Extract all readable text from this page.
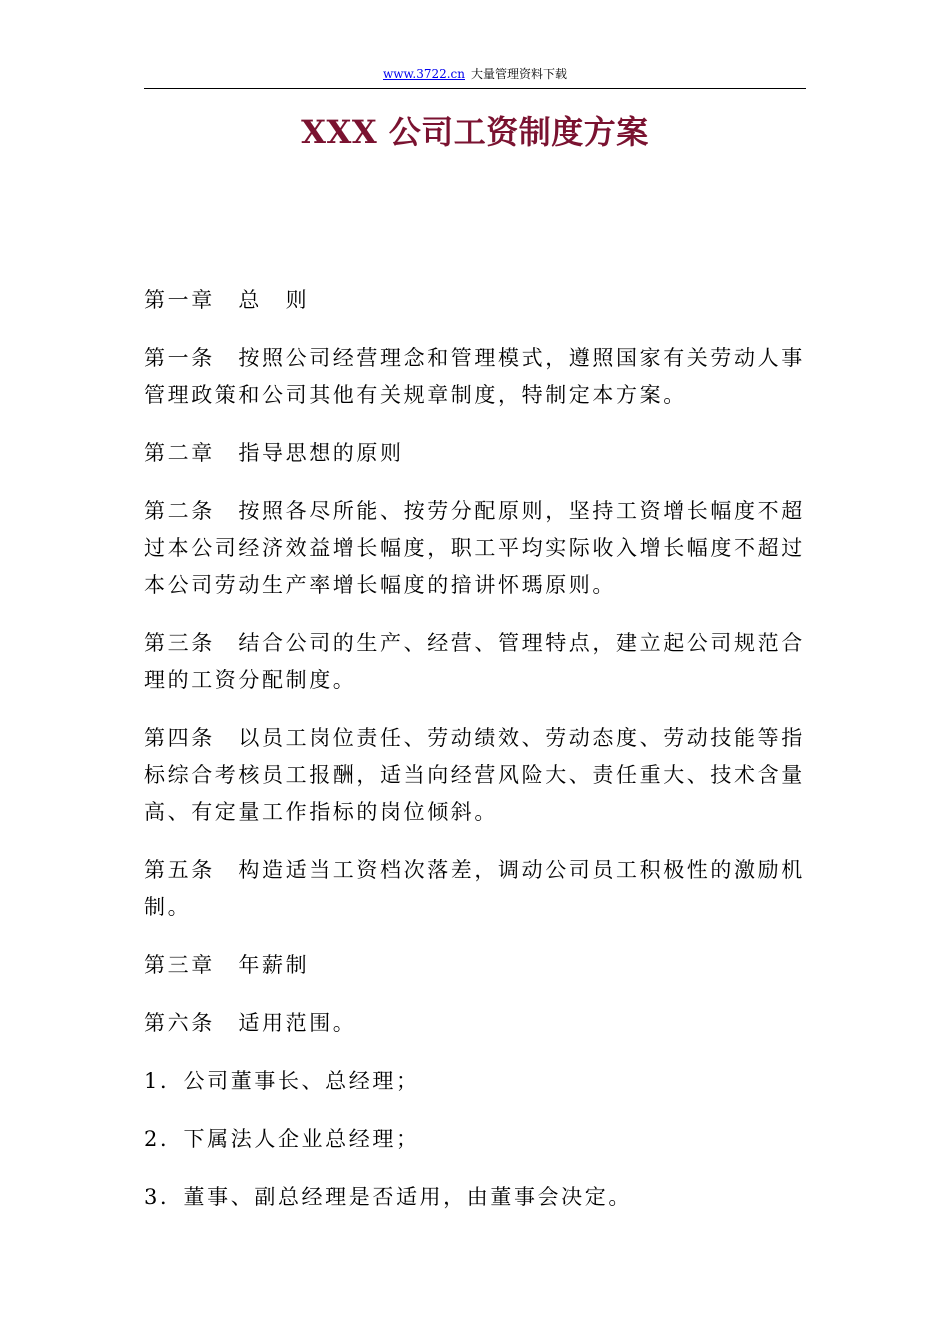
www.3722.cn 大量管理资料下载
XXX 公司工资制度方案

第一章　总　则

第一条　按照公司经营理念和管理模式，遵照国家有关劳动人事管理政策和公司其他有关规章制度，特制定本方案。

第二章　指导思想的原则

第二条　按照各尽所能、按劳分配原则，坚持工资增长幅度不超过本公司经济效益增长幅度，职工平均实际收入增长幅度不超过本公司劳动生产率增长幅度的揞讲怀瑪原则。

第三条　结合公司的生产、经营、管理特点，建立起公司规范合理的工资分配制度。

第四条　以员工岗位责任、劳动绩效、劳动态度、劳动技能等指标综合考核员工报酬，适当向经营风险大、责任重大、技术含量高、有定量工作指标的岗位倾斜。

第五条　构造适当工资档次落差，调动公司员工积极性的激励机制。

第三章　年薪制

第六条　适用范围。

1．公司董事长、总经理；

2．下属法人企业总经理；

3．董事、副总经理是否适用，由董事会决定。
